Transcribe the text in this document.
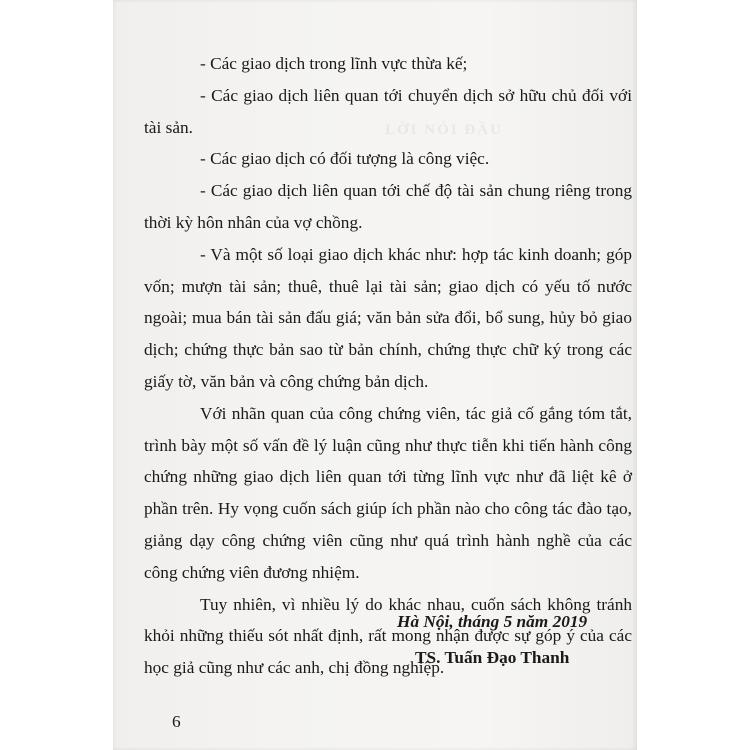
LỜI NÓI ĐẦU

- Các giao dịch trong lĩnh vực thừa kế;

- Các giao dịch liên quan tới chuyển dịch sở hữu chủ đối với tài sản.

- Các giao dịch có đối tượng là công việc.

- Các giao dịch liên quan tới chế độ tài sản chung riêng trong thời kỳ hôn nhân của vợ chồng.

- Và một số loại giao dịch khác như: hợp tác kinh doanh; góp vốn; mượn tài sản; thuê, thuê lại tài sản; giao dịch có yếu tố nước ngoài; mua bán tài sản đấu giá; văn bản sửa đổi, bổ sung, hủy bỏ giao dịch; chứng thực bản sao từ bản chính, chứng thực chữ ký trong các giấy tờ, văn bản và công chứng bản dịch.

Với nhãn quan của công chứng viên, tác giả cố gắng tóm tắt, trình bày một số vấn đề lý luận cũng như thực tiễn khi tiến hành công chứng những giao dịch liên quan tới từng lĩnh vực như đã liệt kê ở phần trên. Hy vọng cuốn sách giúp ích phần nào cho công tác đào tạo, giảng dạy công chứng viên cũng như quá trình hành nghề của các công chứng viên đương nhiệm.

Tuy nhiên, vì nhiều lý do khác nhau, cuốn sách không tránh khỏi những thiếu sót nhất định, rất mong nhận được sự góp ý của các học giả cũng như các anh, chị đồng nghiệp.

Hà Nội, tháng 5 năm 2019
TS. Tuấn Đạo Thanh
6
